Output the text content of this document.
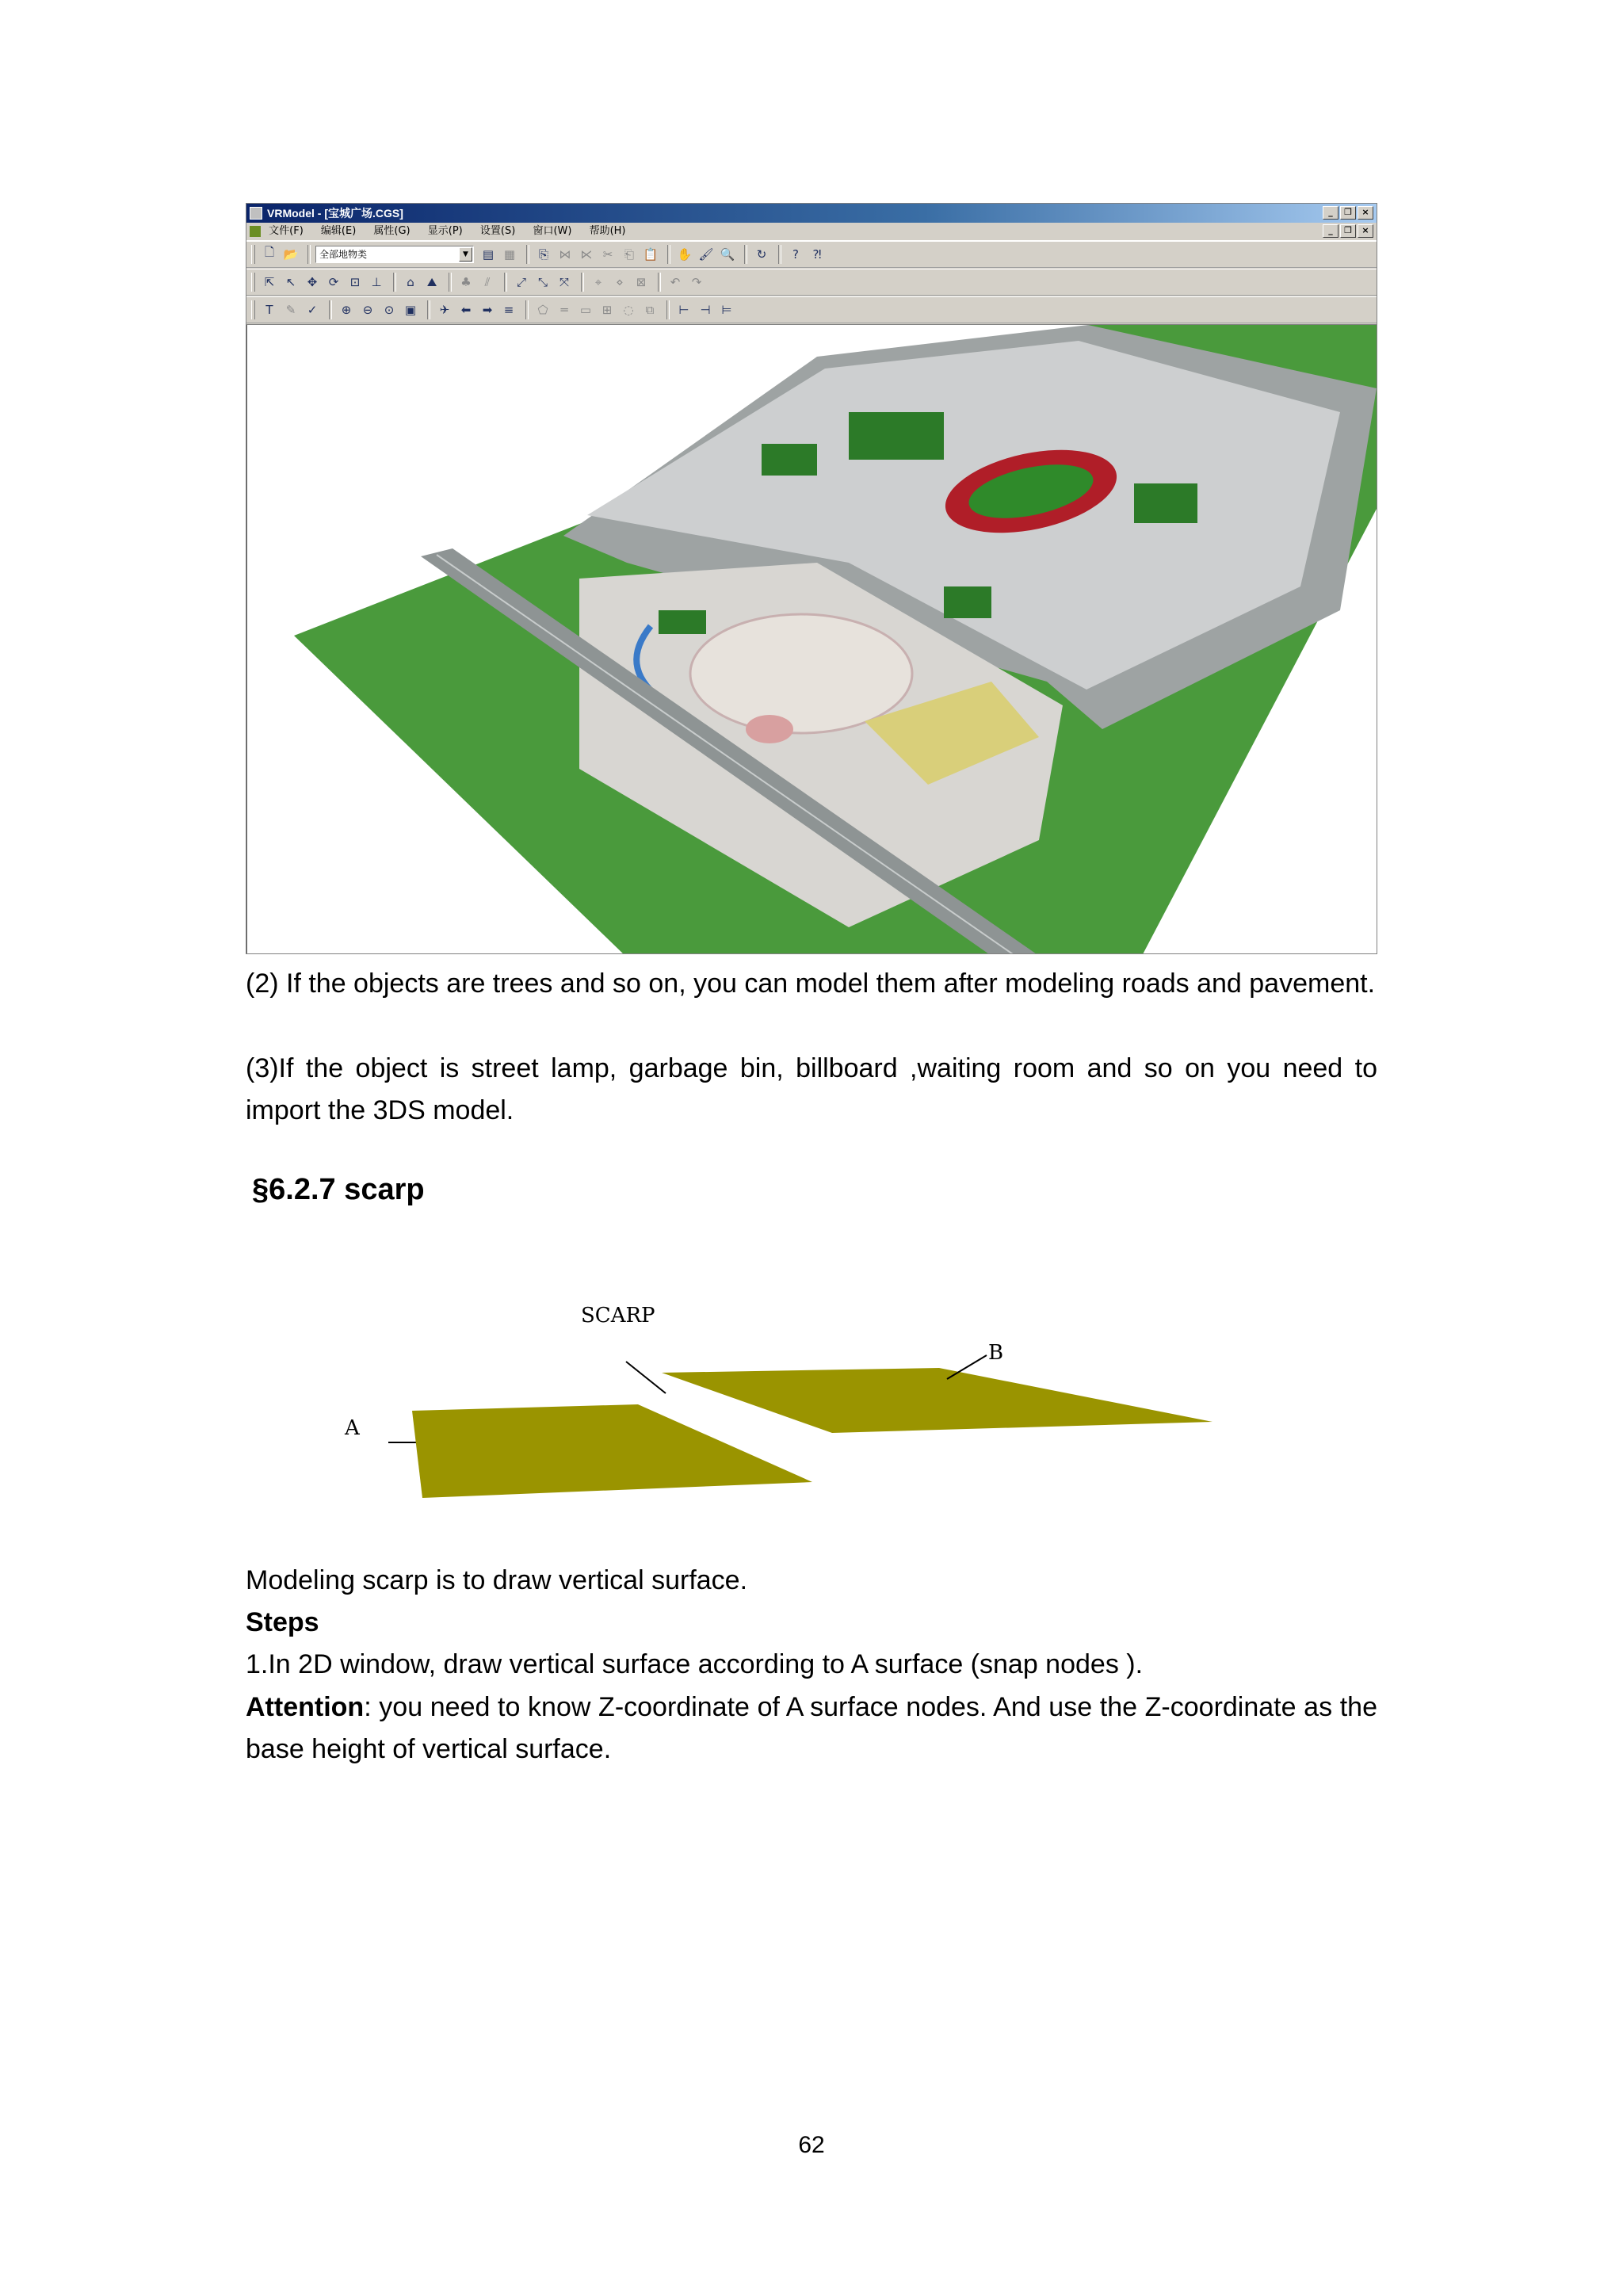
VRModel - [宝城广场.CGS]	_	❐	×
文件(F) 编辑(E) 属性(G) 显示(P) 设置(S) 窗口(W) 帮助(H)	_	❐	×
🗋 📂 全部地物类	▼	▤ ▦	⎘ ⋈ ⋉ ✂ ⎗ 📋 ✋ 🖌 🔍	↻	?	⁈
⇱ ↖ ✥ ⟳ ⊡ ⊥	⌂	⛰	♣	⫽	⤢ ⤡ ⤧	⌖	⋄	⊠	↶ ↷
T	✎ ✓	⊕ ⊖ ⊙ ▣	✈ ⬅ ➡ ≡	⬠	═	▭ ⊞ ◌	⧉	⊢ ⊣ ⊨
(2) If the objects are trees and so on, you can model them after modeling roads and pavement.
(3)If the object is street lamp, garbage bin, billboard ,waiting room and so on you need to import the 3DS model.
§6.2.7 scarp
SCARP
A
B
Modeling scarp is to draw vertical surface.
Steps
1.In 2D window, draw vertical surface according to A surface (snap nodes ).
Attention: you need to know Z-coordinate of A surface nodes. And use the Z-coordinate as the base height of vertical surface.
62
